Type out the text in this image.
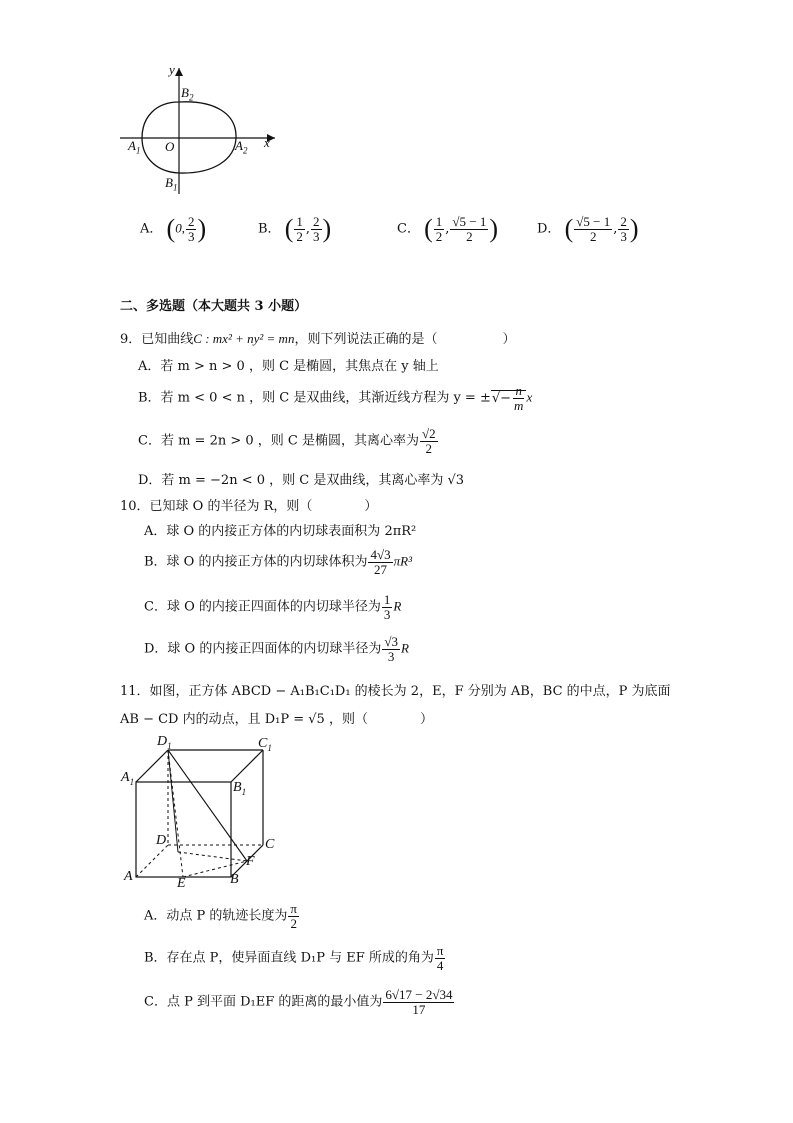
y
x
$B_2$
$A_1$ O	$A_2$
$B_1$
A． (0, $\frac{2}{3}$ )	B． ( $\frac{1}{2}$ , $\frac{2}{3}$ )	C． ( $\frac{1}{2}$ , $\frac{√5 - 1}{2}$ )	D． ( $\frac{√5 - 1}{2}$ , $\frac{2}{3}$ )
二、多选题（本大题共 3 小题）
9．已知曲线C : mx² + ny² = mn，则下列说法正确的是（　　　　　）
A．若 m > n > 0 ，则 C 是椭圆，其焦点在 y 轴上
B．若 m < 0 < n ，则 C 是双曲线，其渐近线方程为 y = ±√− $\frac{n}{m}$ x
C．若 m = 2n > 0 ，则 C 是椭圆，其离心率为 $\frac{√2}{2}$
D．若 m = −2n < 0 ，则 C 是双曲线，其离心率为 √3
10．已知球 O 的半径为 R，则（　　　　）
A．球 O 的内接正方体的内切球表面积为 2πR²
B．球 O 的内接正方体的内切球体积为 $\frac{4√3}{27} \pi R^3$
C．球 O 的内接正四面体的内切球半径为 $\frac{1}{3}$ R
D．球 O 的内接正四面体的内切球半径为 $\frac{√3}{3}$ R
11．如图，正方体 ABCD − A₁B₁C₁D₁ 的棱长为 2，E，F 分别为 AB，BC 的中点，P 为底面
AB − CD 内的动点，且 D₁P = √5 ，则（　　　　）
$D_1$	$C_1$
$A_1$	$B_1$
D	C
F
A	E	B
A．动点 P 的轨迹长度为 $\frac{\pi}{2}$
B．存在点 P，使异面直线 D₁P 与 EF 所成的角为 $\frac{\pi}{4}$
C．点 P 到平面 D₁EF 的距离的最小值为 $\frac{6√17 - 2√34}{17}$
